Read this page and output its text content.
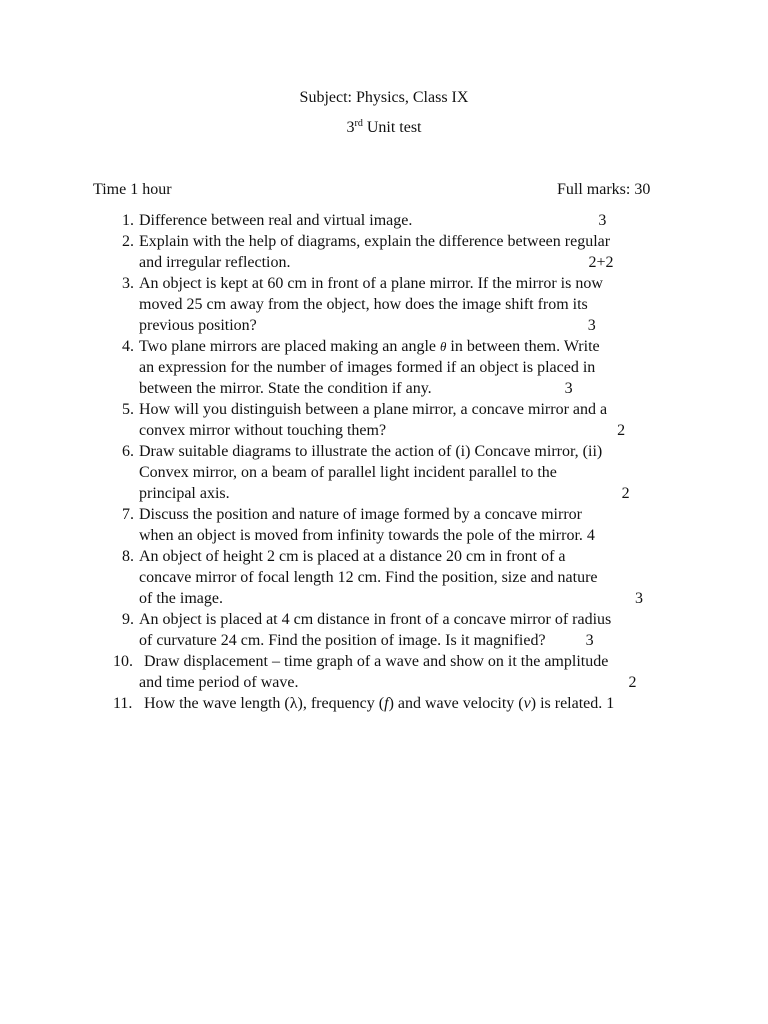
Subject: Physics, Class IX
3rd Unit test
Time 1 hour	Full marks: 30
1. Difference between real and virtual image.	3
2. Explain with the help of diagrams, explain the difference between regular
and irregular reflection.	2+2
3. An object is kept at 60 cm in front of a plane mirror. If the mirror is now
moved 25 cm away from the object, how does the image shift from its
previous position?	3
4. Two plane mirrors are placed making an angle θ in between them. Write
an expression for the number of images formed if an object is placed in
between the mirror. State the condition if any.	3
5. How will you distinguish between a plane mirror, a concave mirror and a
convex mirror without touching them?	2
6. Draw suitable diagrams to illustrate the action of (i) Concave mirror, (ii)
Convex mirror, on a beam of parallel light incident parallel to the
principal axis.	2
7. Discuss the position and nature of image formed by a concave mirror
when an object is moved from infinity towards the pole of the mirror. 4
8. An object of height 2 cm is placed at a distance 20 cm in front of a
concave mirror of focal length 12 cm. Find the position, size and nature
of the image.	3
9. An object is placed at 4 cm distance in front of a concave mirror of radius
of curvature 24 cm. Find the position of image. Is it magnified?	3
10. Draw displacement – time graph of a wave and show on it the amplitude
and time period of wave.	2
11. How the wave length (λ), frequency (f) and wave velocity (v) is related. 1
